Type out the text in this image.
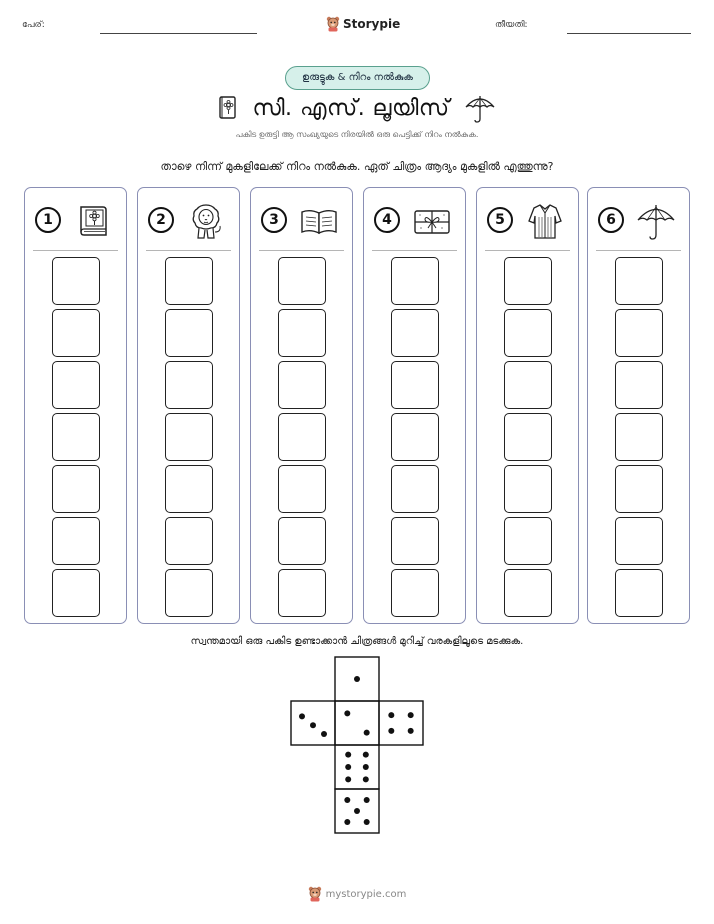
പേര്:	Storypie	തീയതി:
ഉരുട്ടുക & നിറം നൽകുക
സി. എസ്. ലൂയിസ്
പകിട ഉരുട്ടി ആ സംഖ്യയുടെ നിരയിൽ ഒരു പെട്ടിക്ക് നിറം നൽകുക.
താഴെ നിന്ന് മുകളിലേക്ക് നിറം നൽകുക. ഏത് ചിത്രം ആദ്യം മുകളിൽ എത്തുന്നു?
1	2	3	4	5	6
സ്വന്തമായി ഒരു പകിട ഉണ്ടാക്കാൻ ചിത്രങ്ങൾ മുറിച്ച് വരകളിലൂടെ മടക്കുക.
mystorypie.com
